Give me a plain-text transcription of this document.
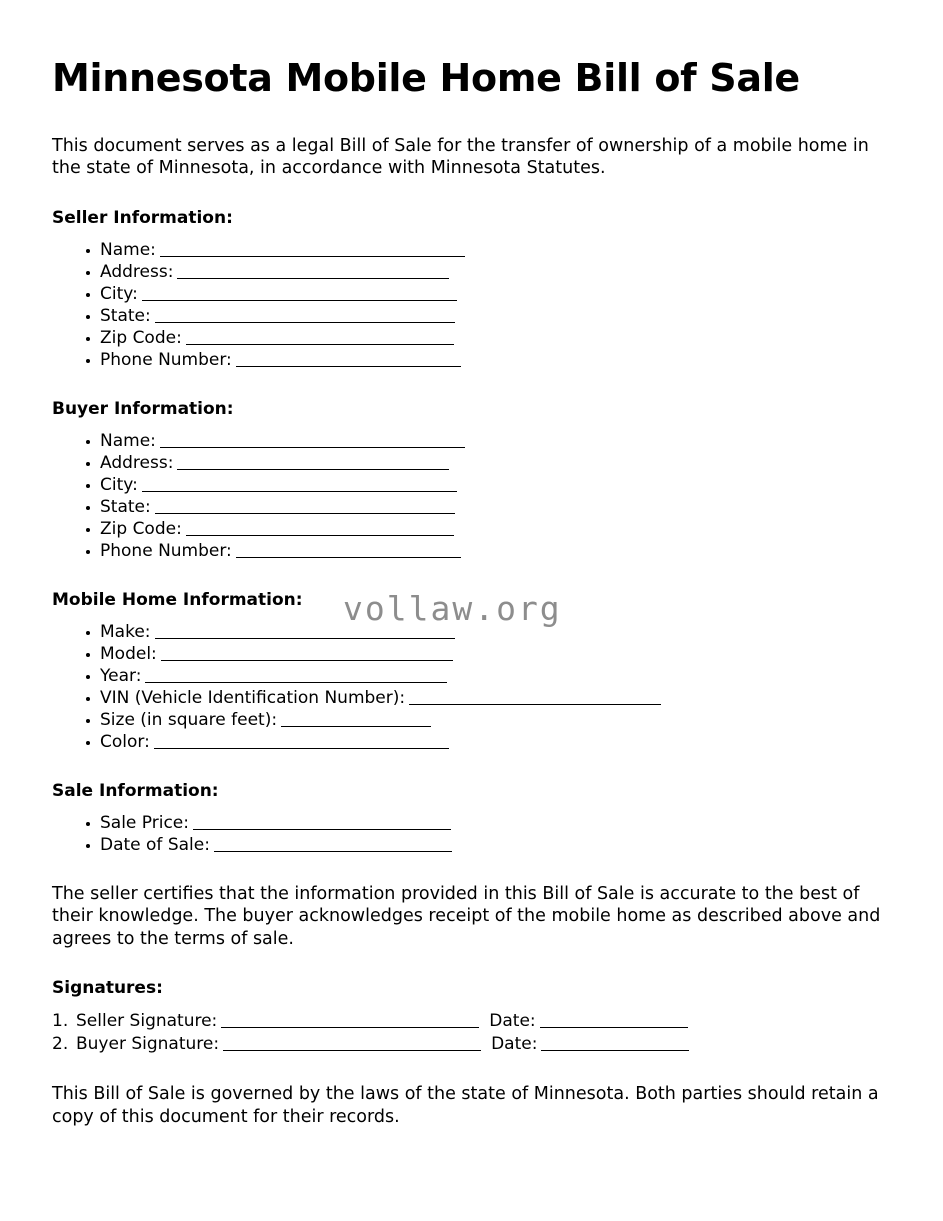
Minnesota Mobile Home Bill of Sale

This document serves as a legal Bill of Sale for the transfer of ownership of a mobile home in the state of Minnesota, in accordance with Minnesota Statutes.

Seller Information:
Name:
Address:
City:
State:
Zip Code:
Phone Number:
Buyer Information:
Name:
Address:
City:
State:
Zip Code:
Phone Number:
Mobile Home Information:
Make:
Model:
Year:
VIN (Vehicle Identification Number):
Size (in square feet):
Color:
Sale Information:
Sale Price:
Date of Sale:

The seller certifies that the information provided in this Bill of Sale is accurate to the best of their knowledge. The buyer acknowledges receipt of the mobile home as described above and agrees to the terms of sale.

Signatures:
Seller Signature:	Date:
Buyer Signature:	Date:

This Bill of Sale is governed by the laws of the state of Minnesota. Both parties should retain a copy of this document for their records.

vollaw.org
